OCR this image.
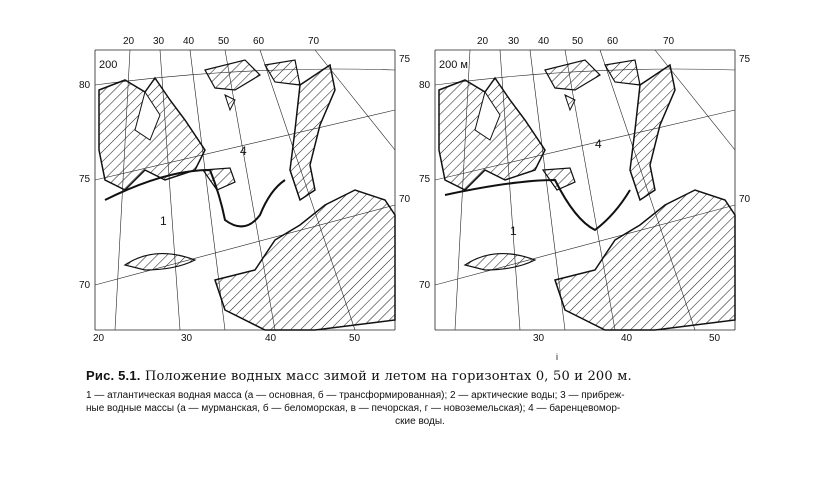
200
4
1
20 30 40 50 60	70
20	30	40	50
80
75
70
75
70
200 м
4
1
20 30 40 50 60	70
30	40	50
80
75
70
75
70
i
Рис. 5.1. Положение водных масс зимой и летом на горизонтах 0, 50 и 200 м.
1 — атлантическая водная масса (а — основная, б — трансформированная); 2 — арктические воды; 3 — прибреж-
ные водные массы (а — мурманская, б — беломорская, в — печорская, г — новоземельская); 4 — баренцевомор-
ские воды.
